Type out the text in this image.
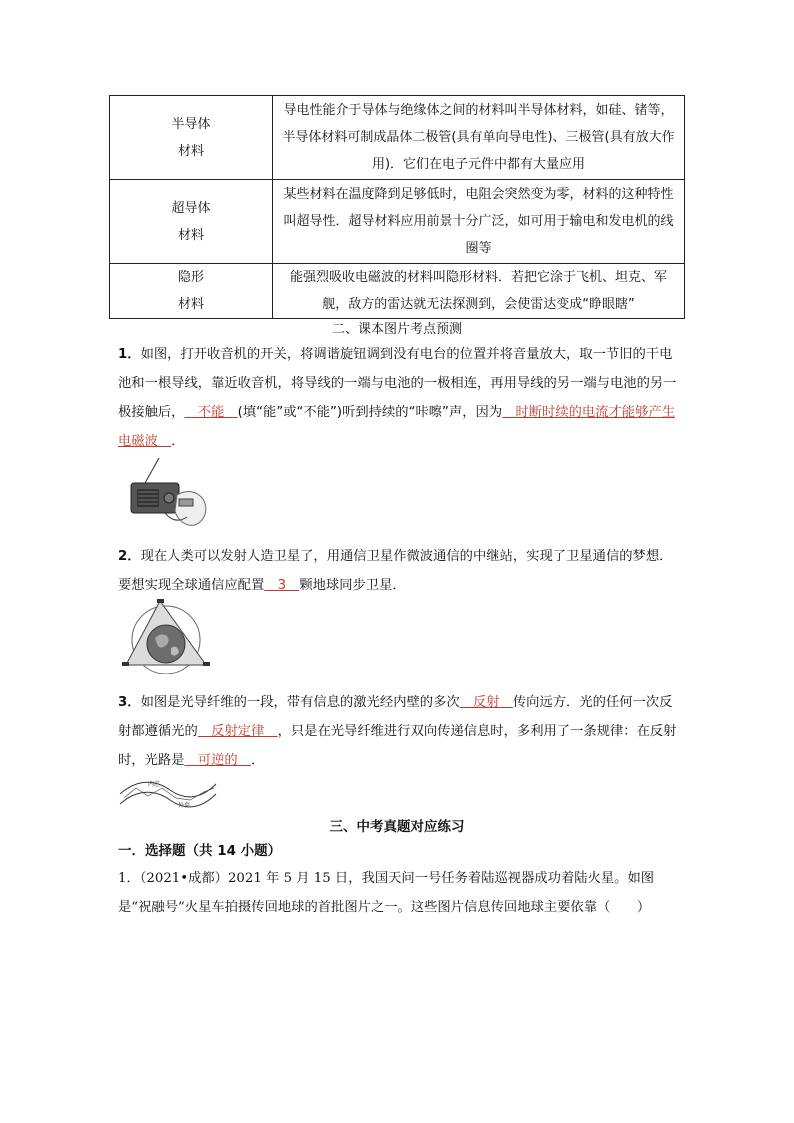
半导体
材料	导电性能介于导体与绝缘体之间的材料叫半导体材料，如硅、锗等，半导体材料可制成晶体二极管(具有单向导电性)、三极管(具有放大作用)．它们在电子元件中都有大量应用

超导体
材料	某些材料在温度降到足够低时，电阻会突然变为零，材料的这种特性叫超导性．超导材料应用前景十分广泛，如可用于输电和发电机的线圈等

隐形
材料	能强烈吸收电磁波的材料叫隐形材料．若把它涂于飞机、坦克、军舰，敌方的雷达就无法探测到，会使雷达变成“睁眼瞎”
二、课本图片考点预测
1．如图，打开收音机的开关，将调谐旋钮调到没有电台的位置并将音量放大，取一节旧的干电池和一根导线，靠近收音机，将导线的一端与电池的一极相连，再用导线的另一端与电池的另一极接触后，  不能  (填“能”或“不能”)听到持续的“咔嚓”声，因为  时断时续的电流才能够产生电磁波  ．
2．现在人类可以发射人造卫星了，用通信卫星作微波通信的中继站，实现了卫星通信的梦想．要想实现全球通信应配置  3  颗地球同步卫星．
3．如图是光导纤维的一段，带有信息的激光经内壁的多次  反射  传向远方．光的任何一次反射都遵循光的  反射定律  ，只是在光导纤维进行双向传递信息时，多利用了一条规律：在反射时，光路是  可逆的  ．
内芯
外套
三、中考真题对应练习
一．选择题（共 14 小题）
1．（2021•成都）2021 年 5 月 15 日，我国天问一号任务着陆巡视器成功着陆火星。如图是“祝融号”火星车拍摄传回地球的首批图片之一。这些图片信息传回地球主要依靠（　　）
